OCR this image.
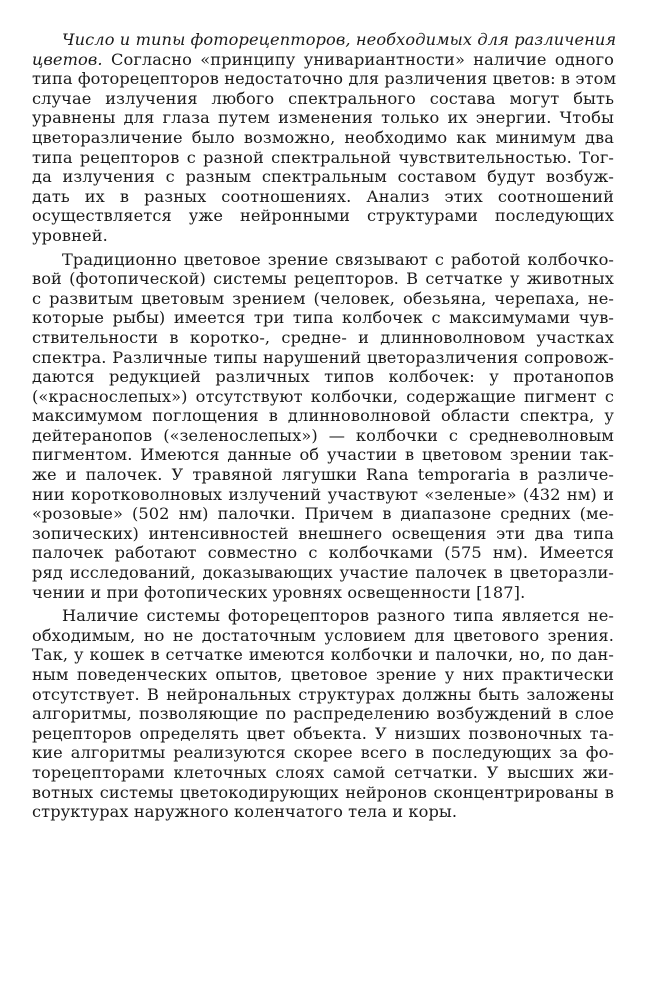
Число и типы фоторецепторов, необходимых для различения
цветов. Согласно «принципу унивариантности» наличие одного
типа фоторецепторов недостаточно для различения цветов: в этом
случае излучения любого спектрального состава могут быть
уравнены для глаза путем изменения только их энергии. Чтобы
цветоразличение было возможно, необходимо как минимум два
типа рецепторов с разной спектральной чувствительностью. Тог-
да излучения с разным спектральным составом будут возбуж-
дать их в разных соотношениях. Анализ этих соотношений
осуществляется уже нейронными структурами последующих
уровней.
Традиционно цветовое зрение связывают с работой колбочко-
вой (фотопической) системы рецепторов. В сетчатке у животных
с развитым цветовым зрением (человек, обезьяна, черепаха, не-
которые рыбы) имеется три типа колбочек с максимумами чув-
ствительности в коротко-, средне- и длинноволновом участках
спектра. Различные типы нарушений цветоразличения сопровож-
даются редукцией различных типов колбочек: у протанопов
(«краснослепых») отсутствуют колбочки, содержащие пигмент с
максимумом поглощения в длинноволновой области спектра, у
дейтеранопов («зеленослепых») — колбочки с средневолновым
пигментом. Имеются данные об участии в цветовом зрении так-
же и палочек. У травяной лягушки Rana temporaria в различе-
нии коротковолновых излучений участвуют «зеленые» (432 нм) и
«розовые» (502 нм) палочки. Причем в диапазоне средних (ме-
зопических) интенсивностей внешнего освещения эти два типа
палочек работают совместно с колбочками (575 нм). Имеется
ряд исследований, доказывающих участие палочек в цветоразли-
чении и при фотопических уровнях освещенности [187].
Наличие системы фоторецепторов разного типа является не-
обходимым, но не достаточным условием для цветового зрения.
Так, у кошек в сетчатке имеются колбочки и палочки, но, по дан-
ным поведенческих опытов, цветовое зрение у них практически
отсутствует. В нейрональных структурах должны быть заложены
алгоритмы, позволяющие по распределению возбуждений в слое
рецепторов определять цвет объекта. У низших позвоночных та-
кие алгоритмы реализуются скорее всего в последующих за фо-
торецепторами клеточных слоях самой сетчатки. У высших жи-
вотных системы цветокодирующих нейронов сконцентрированы в
структурах наружного коленчатого тела и коры.
